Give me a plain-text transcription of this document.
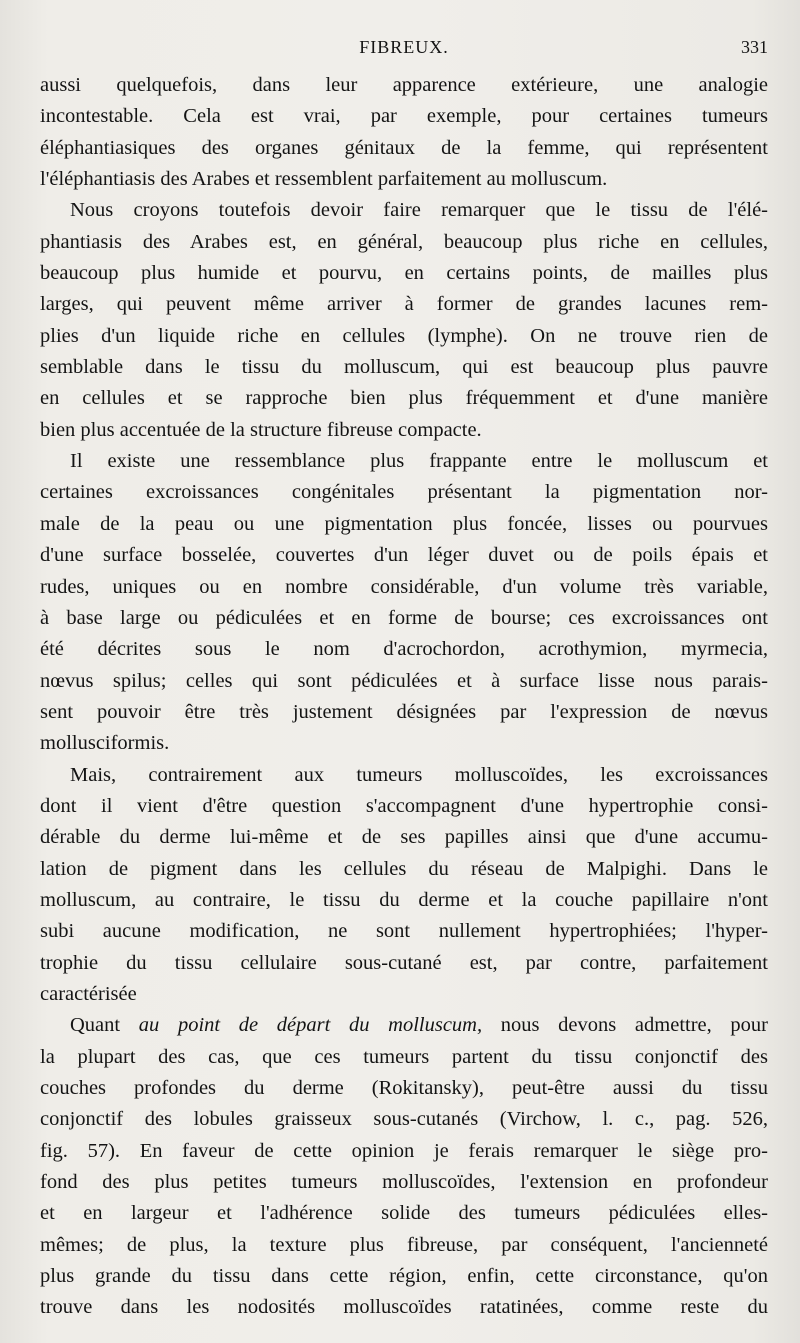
FIBREUX.	331
aussi quelquefois, dans leur apparence extérieure, une analogie
incontestable. Cela est vrai, par exemple, pour certaines tumeurs
éléphantiasiques des organes génitaux de la femme, qui représentent
l'éléphantiasis des Arabes et ressemblent parfaitement au molluscum.
Nous croyons toutefois devoir faire remarquer que le tissu de l'élé-
phantiasis des Arabes est, en général, beaucoup plus riche en cellules,
beaucoup plus humide et pourvu, en certains points, de mailles plus
larges, qui peuvent même arriver à former de grandes lacunes rem-
plies d'un liquide riche en cellules (lymphe). On ne trouve rien de
semblable dans le tissu du molluscum, qui est beaucoup plus pauvre
en cellules et se rapproche bien plus fréquemment et d'une manière
bien plus accentuée de la structure fibreuse compacte.
Il existe une ressemblance plus frappante entre le molluscum et
certaines excroissances congénitales présentant la pigmentation nor-
male de la peau ou une pigmentation plus foncée, lisses ou pourvues
d'une surface bosselée, couvertes d'un léger duvet ou de poils épais et
rudes, uniques ou en nombre considérable, d'un volume très variable,
à base large ou pédiculées et en forme de bourse; ces excroissances ont
été décrites sous le nom d'acrochordon, acrothymion, myrmecia,
nœvus spilus; celles qui sont pédiculées et à surface lisse nous parais-
sent pouvoir être très justement désignées par l'expression de nœvus
mollusciformis.
Mais, contrairement aux tumeurs molluscoïdes, les excroissances
dont il vient d'être question s'accompagnent d'une hypertrophie consi-
dérable du derme lui-même et de ses papilles ainsi que d'une accumu-
lation de pigment dans les cellules du réseau de Malpighi. Dans le
molluscum, au contraire, le tissu du derme et la couche papillaire n'ont
subi aucune modification, ne sont nullement hypertrophiées; l'hyper-
trophie du tissu cellulaire sous-cutané est, par contre, parfaitement
caractérisée
Quant au point de départ du molluscum, nous devons admettre, pour
la plupart des cas, que ces tumeurs partent du tissu conjonctif des
couches profondes du derme (Rokitansky), peut-être aussi du tissu
conjonctif des lobules graisseux sous-cutanés (Virchow, l. c., pag. 526,
fig. 57). En faveur de cette opinion je ferais remarquer le siège pro-
fond des plus petites tumeurs molluscoïdes, l'extension en profondeur
et en largeur et l'adhérence solide des tumeurs pédiculées elles-
mêmes; de plus, la texture plus fibreuse, par conséquent, l'ancienneté
plus grande du tissu dans cette région, enfin, cette circonstance, qu'on
trouve dans les nodosités molluscoïdes ratatinées, comme reste du
